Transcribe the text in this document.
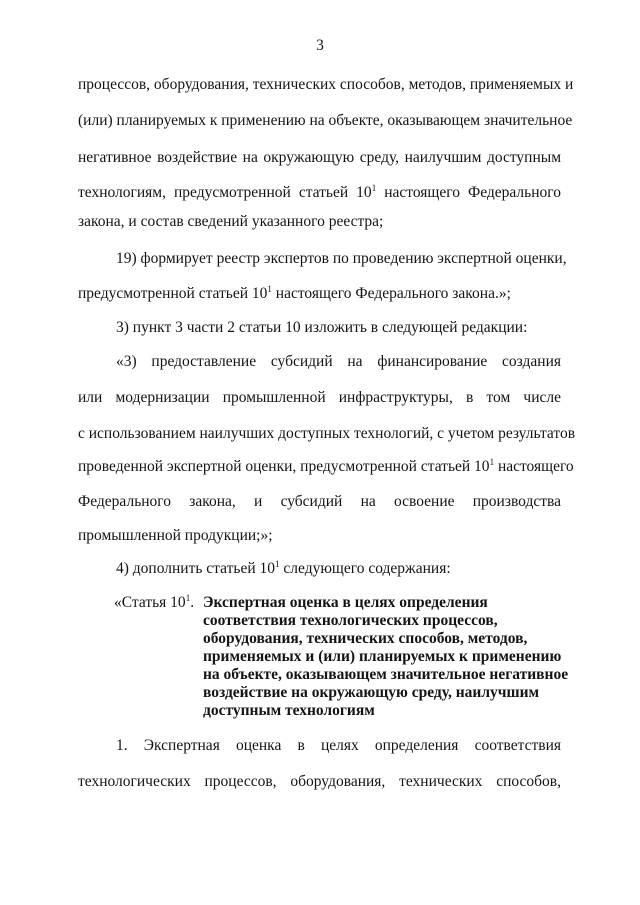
3
процессов, оборудования, технических способов, методов, применяемых и
(или) планируемых к применению на объекте, оказывающем значительное
негативное воздействие на окружающую среду, наилучшим доступным
технологиям, предусмотренной статьей $10^1$ настоящего Федерального
закона, и состав сведений указанного реестра;
19) формирует реестр экспертов по проведению экспертной оценки,
предусмотренной статьей $10^1$ настоящего Федерального закона.»;
3) пункт 3 части 2 статьи 10 изложить в следующей редакции:
«3) предоставление субсидий на финансирование создания
или модернизации промышленной инфраструктуры, в том числе
с использованием наилучших доступных технологий, с учетом результатов
проведенной экспертной оценки, предусмотренной статьей $10^1$ настоящего
Федерального закона, и субсидий на освоение производства
промышленной продукции;»;
4) дополнить статьей $10^1$ следующего содержания:
«Статья $10^1$. Экспертная оценка в целях определения
соответствия технологических процессов,
оборудования, технических способов, методов,
применяемых и (или) планируемых к применению
на объекте, оказывающем значительное негативное
воздействие на окружающую среду, наилучшим
доступным технологиям
1. Экспертная оценка в целях определения соответствия
технологических процессов, оборудования, технических способов,
